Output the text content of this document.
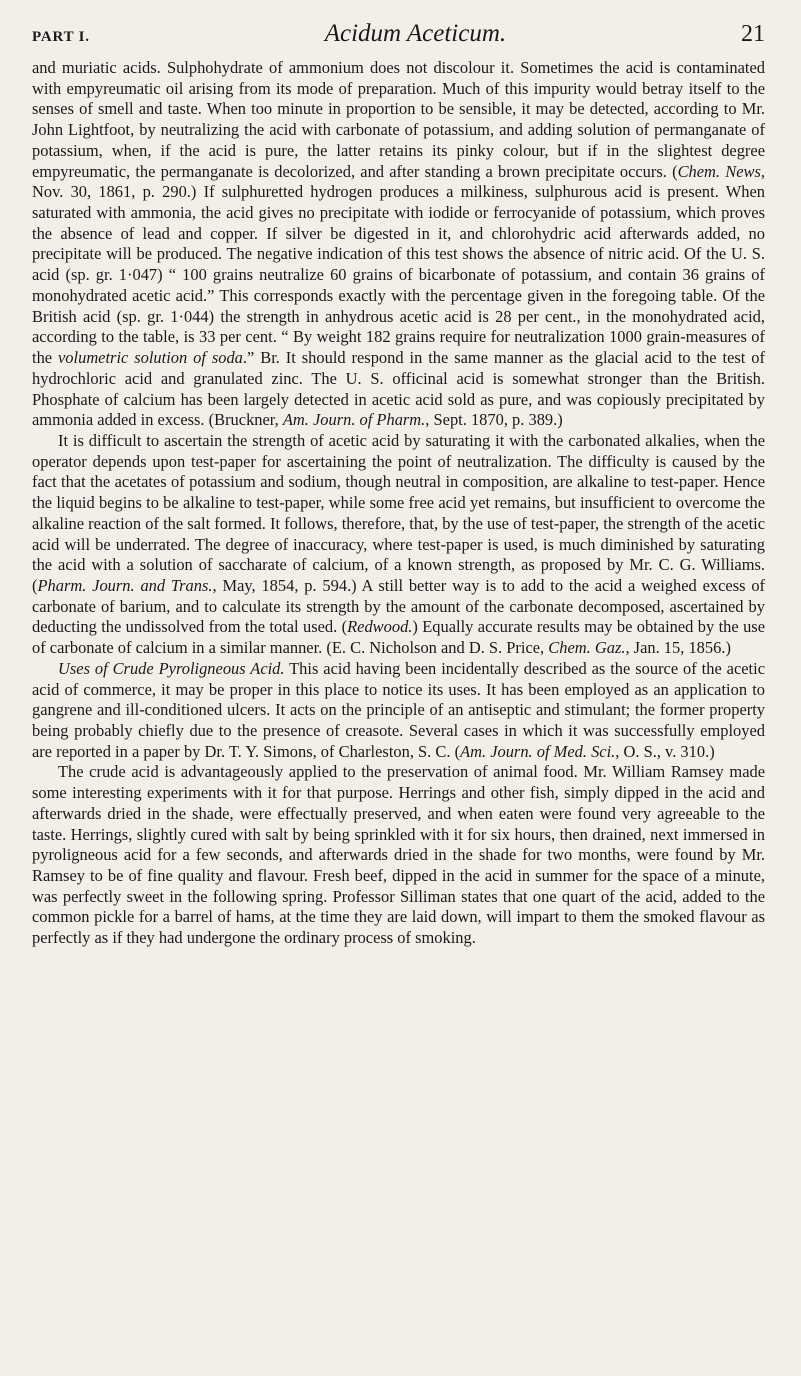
PART I.	Acidum Aceticum.	21

and muriatic acids. Sulphohydrate of ammonium does not discolour it. Sometimes the acid is contaminated with empyreumatic oil arising from its mode of preparation. Much of this impurity would betray itself to the senses of smell and taste. When too minute in proportion to be sensible, it may be detected, according to Mr. John Lightfoot, by neutralizing the acid with carbonate of potassium, and adding solution of permanganate of potassium, when, if the acid is pure, the latter retains its pinky colour, but if in the slightest degree empyreumatic, the permanganate is decolorized, and after standing a brown precipitate occurs. (Chem. News, Nov. 30, 1861, p. 290.) If sulphuretted hydrogen produces a milkiness, sulphurous acid is present. When saturated with ammonia, the acid gives no precipitate with iodide or ferrocyanide of potassium, which proves the absence of lead and copper. If silver be digested in it, and chlorohydric acid afterwards added, no precipitate will be produced. The negative indication of this test shows the absence of nitric acid. Of the U. S. acid (sp. gr. 1·047) “ 100 grains neutralize 60 grains of bicarbonate of potassium, and contain 36 grains of monohydrated acetic acid.” This corresponds exactly with the percentage given in the foregoing table. Of the British acid (sp. gr. 1·044) the strength in anhydrous acetic acid is 28 per cent., in the monohydrated acid, according to the table, is 33 per cent. “ By weight 182 grains require for neutralization 1000 grain-measures of the volumetric solution of soda.” Br. It should respond in the same manner as the glacial acid to the test of hydrochloric acid and granulated zinc. The U. S. officinal acid is somewhat stronger than the British. Phosphate of calcium has been largely detected in acetic acid sold as pure, and was copiously precipitated by ammonia added in excess. (Bruckner, Am. Journ. of Pharm., Sept. 1870, p. 389.)

It is difficult to ascertain the strength of acetic acid by saturating it with the carbonated alkalies, when the operator depends upon test-paper for ascertaining the point of neutralization. The difficulty is caused by the fact that the acetates of potassium and sodium, though neutral in composition, are alkaline to test-paper. Hence the liquid begins to be alkaline to test-paper, while some free acid yet remains, but insufficient to overcome the alkaline reaction of the salt formed. It follows, therefore, that, by the use of test-paper, the strength of the acetic acid will be underrated. The degree of inaccuracy, where test-paper is used, is much diminished by saturating the acid with a solution of saccharate of calcium, of a known strength, as proposed by Mr. C. G. Williams. (Pharm. Journ. and Trans., May, 1854, p. 594.) A still better way is to add to the acid a weighed excess of carbonate of barium, and to calculate its strength by the amount of the carbonate decomposed, ascertained by deducting the undissolved from the total used. (Redwood.) Equally accurate results may be obtained by the use of carbonate of calcium in a similar manner. (E. C. Nicholson and D. S. Price, Chem. Gaz., Jan. 15, 1856.)

Uses of Crude Pyroligneous Acid. This acid having been incidentally described as the source of the acetic acid of commerce, it may be proper in this place to notice its uses. It has been employed as an application to gangrene and ill-conditioned ulcers. It acts on the principle of an antiseptic and stimulant; the former property being probably chiefly due to the presence of creasote. Several cases in which it was successfully employed are reported in a paper by Dr. T. Y. Simons, of Charleston, S. C. (Am. Journ. of Med. Sci., O. S., v. 310.)

The crude acid is advantageously applied to the preservation of animal food. Mr. William Ramsey made some interesting experiments with it for that purpose. Herrings and other fish, simply dipped in the acid and afterwards dried in the shade, were effectually preserved, and when eaten were found very agreeable to the taste. Herrings, slightly cured with salt by being sprinkled with it for six hours, then drained, next immersed in pyroligneous acid for a few seconds, and afterwards dried in the shade for two months, were found by Mr. Ramsey to be of fine quality and flavour. Fresh beef, dipped in the acid in summer for the space of a minute, was perfectly sweet in the following spring. Professor Silliman states that one quart of the acid, added to the common pickle for a barrel of hams, at the time they are laid down, will impart to them the smoked flavour as perfectly as if they had undergone the ordinary process of smoking.
